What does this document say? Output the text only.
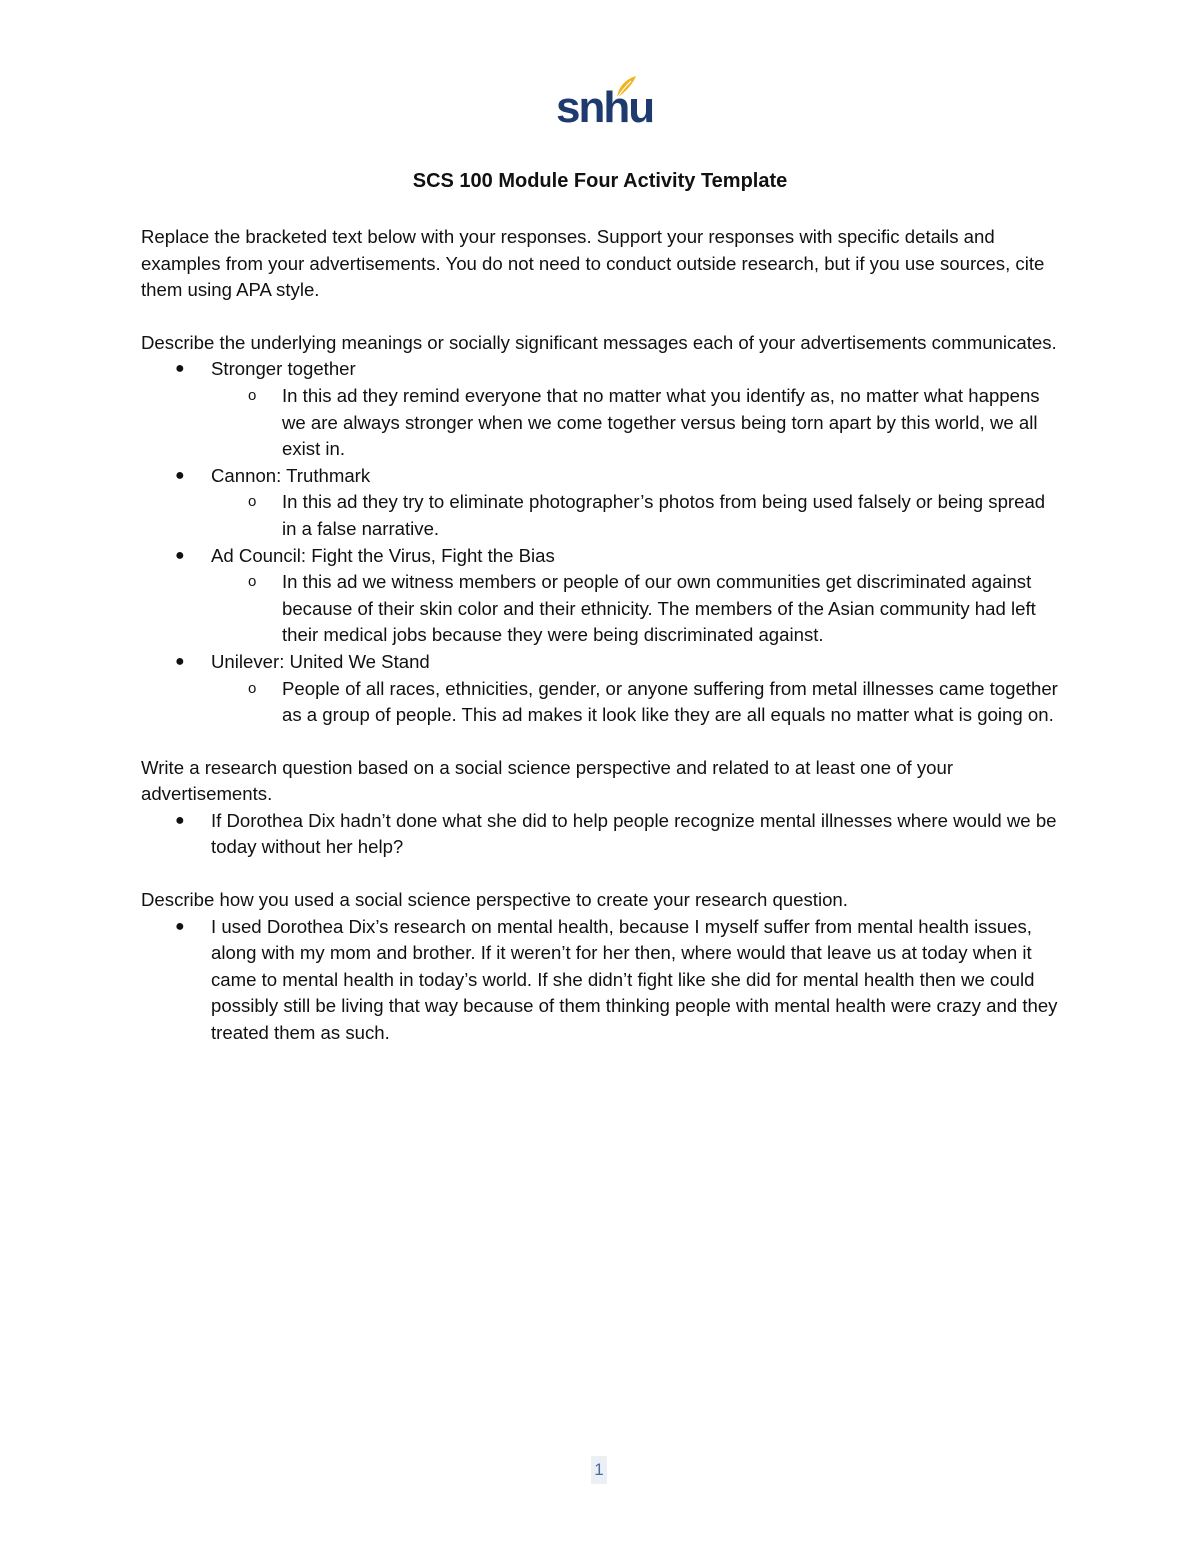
snhu
SCS 100 Module Four Activity Template

Replace the bracketed text below with your responses. Support your responses with specific details and examples from your advertisements. You do not need to conduct outside research, but if you use sources, cite them using APA style.

Describe the underlying meanings or socially significant messages each of your advertisements communicates.

●	Stronger together
o	In this ad they remind everyone that no matter what you identify as, no matter what happens we are always stronger when we come together versus being torn apart by this world, we all exist in.
●	Cannon: Truthmark
o	In this ad they try to eliminate photographer’s photos from being used falsely or being spread in a false narrative.
●	Ad Council: Fight the Virus, Fight the Bias
o	In this ad we witness members or people of our own communities get discriminated against because of their skin color and their ethnicity. The members of the Asian community had left their medical jobs because they were being discriminated against.
●	Unilever: United We Stand
o	People of all races, ethnicities, gender, or anyone suffering from metal illnesses came together as a group of people. This ad makes it look like they are all equals no matter what is going on.

Write a research question based on a social science perspective and related to at least one of your advertisements.

●	If Dorothea Dix hadn’t done what she did to help people recognize mental illnesses where would we be today without her help?

Describe how you used a social science perspective to create your research question.

●	I used Dorothea Dix’s research on mental health, because I myself suffer from mental health issues, along with my mom and brother. If it weren’t for her then, where would that leave us at today when it came to mental health in today’s world. If she didn’t fight like she did for mental health then we could possibly still be living that way because of them thinking people with mental health were crazy and they treated them as such.
1
